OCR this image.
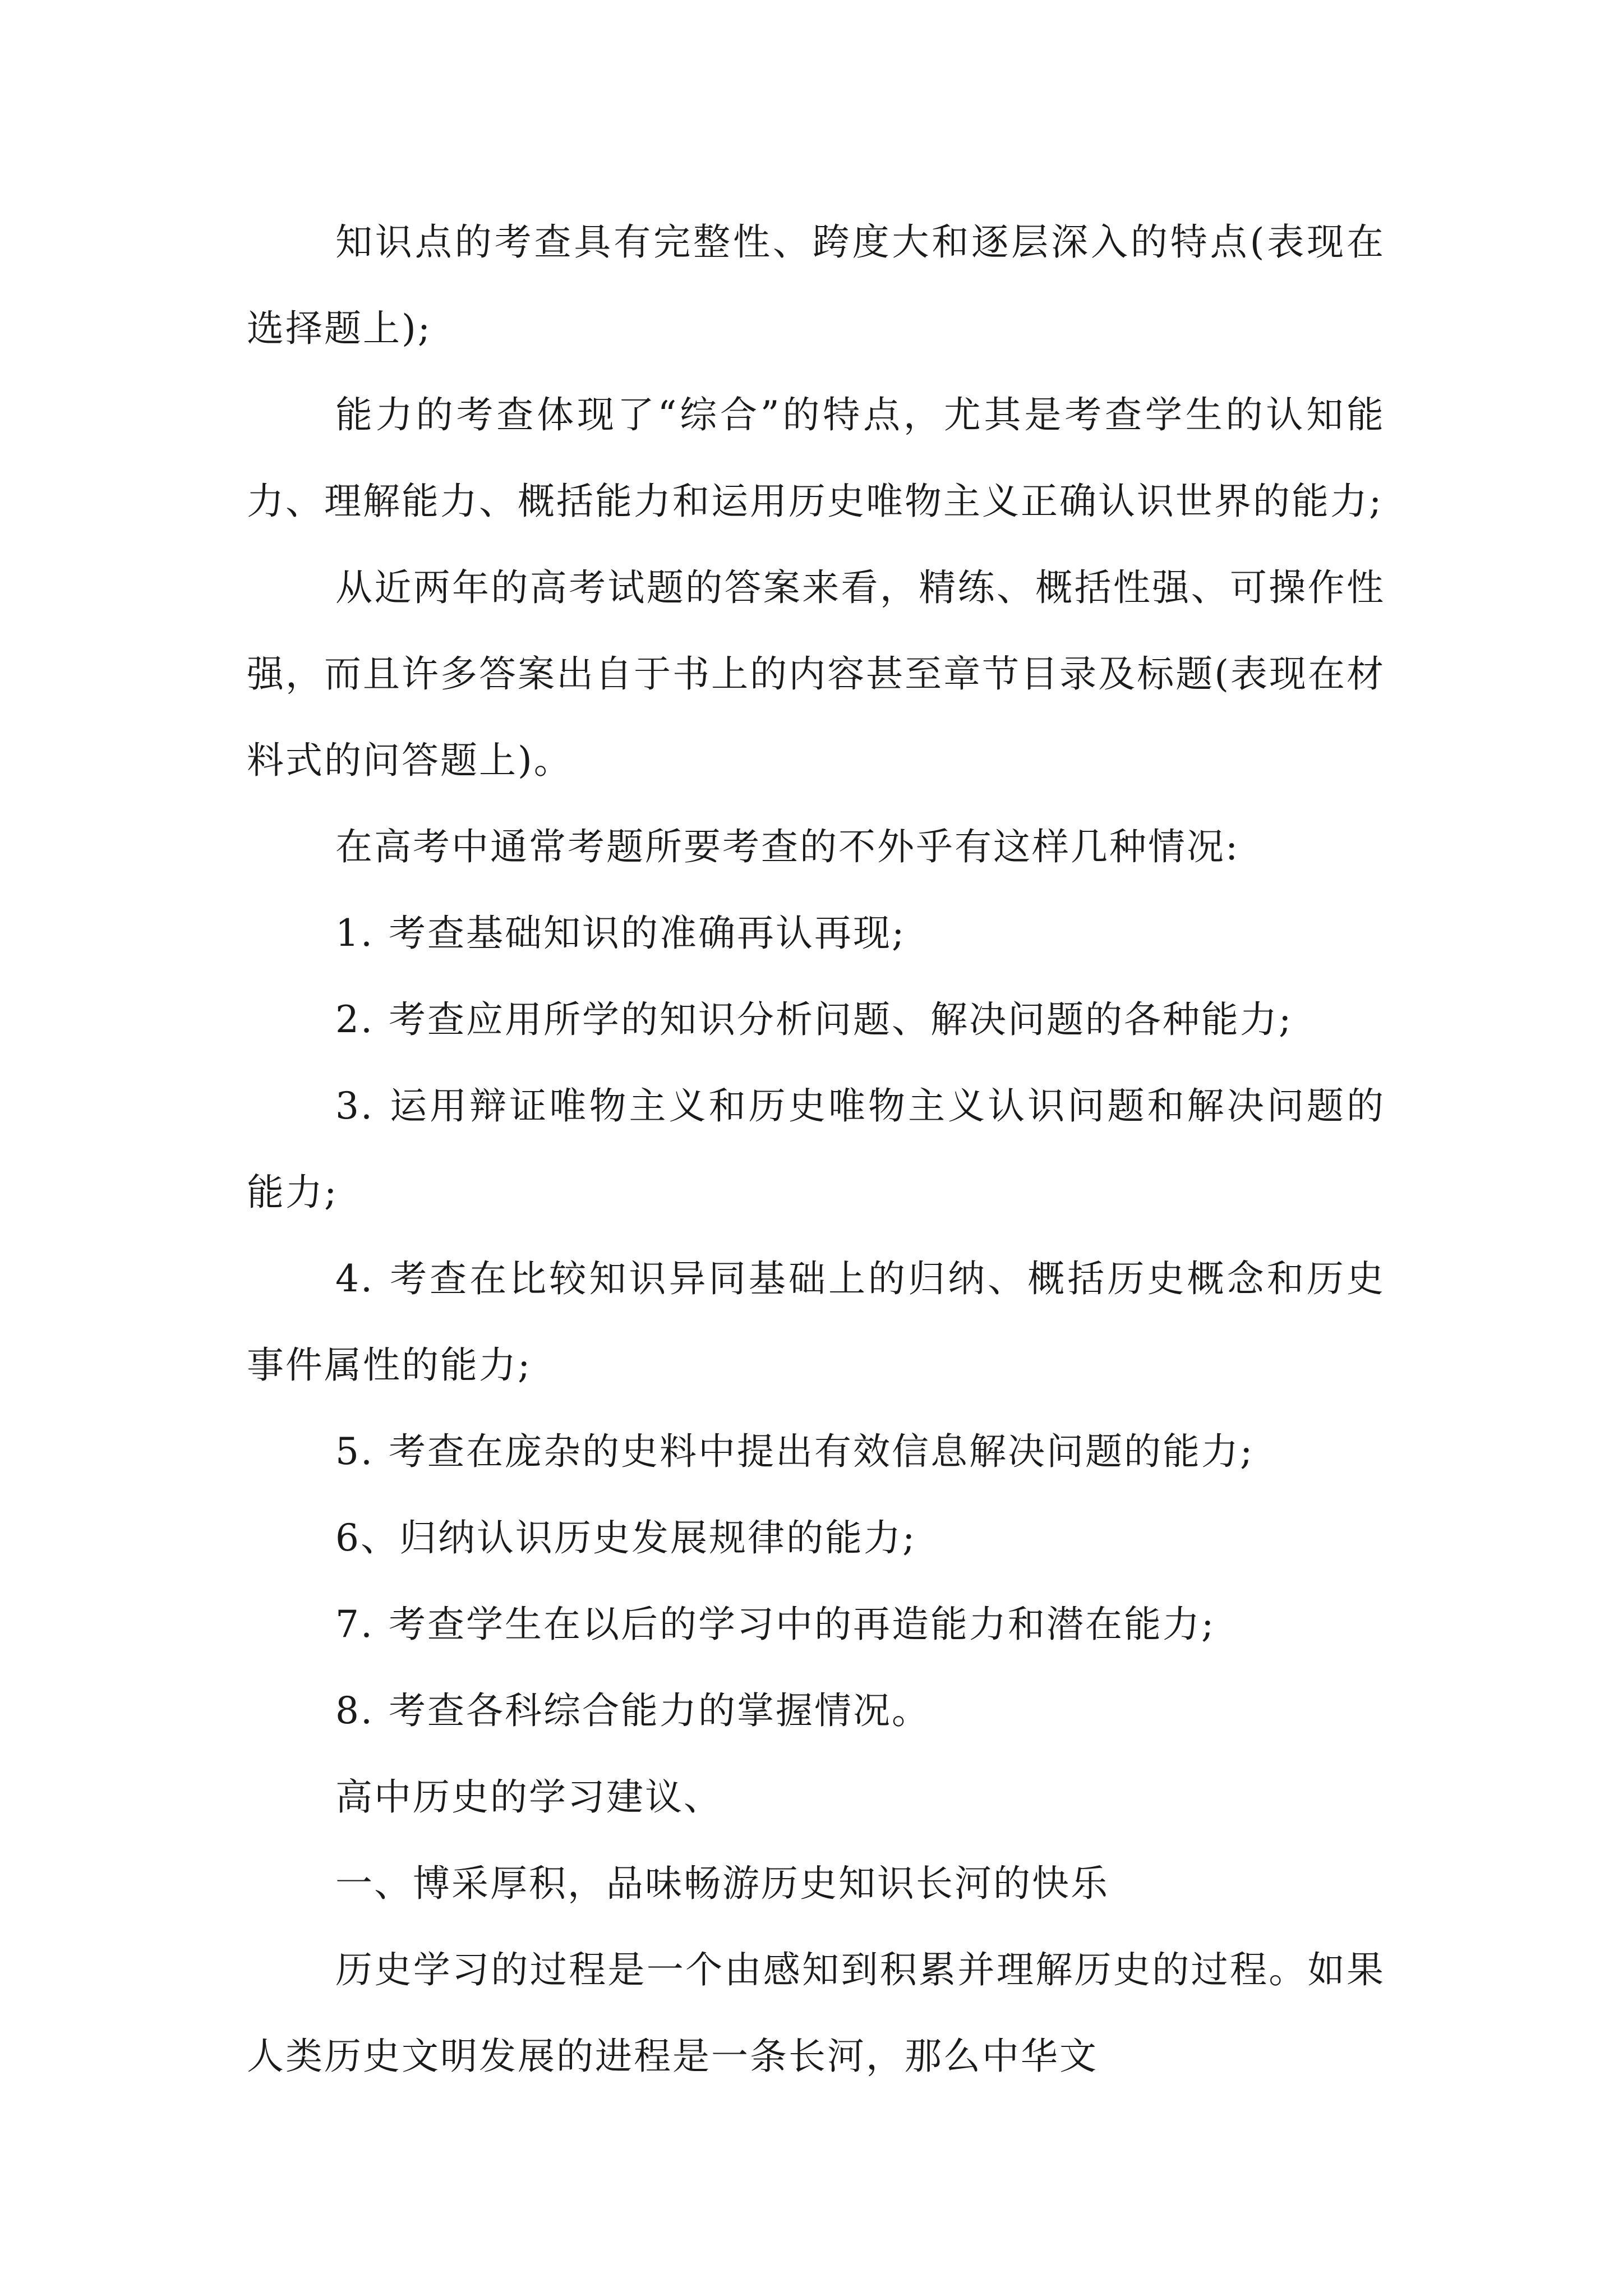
知识点的考查具有完整性、跨度大和逐层深入的特点(表现在选择题上);

能力的考查体现了“综合”的特点，尤其是考查学生的认知能力、理解能力、概括能力和运用历史唯物主义正确认识世界的能力;

从近两年的高考试题的答案来看，精练、概括性强、可操作性强，而且许多答案出自于书上的内容甚至章节目录及标题(表现在材料式的问答题上)。

在高考中通常考题所要考查的不外乎有这样几种情况:

1. 考查基础知识的准确再认再现;

2. 考查应用所学的知识分析问题、解决问题的各种能力;

3. 运用辩证唯物主义和历史唯物主义认识问题和解决问题的能力;

4. 考查在比较知识异同基础上的归纳、概括历史概念和历史事件属性的能力;

5. 考查在庞杂的史料中提出有效信息解决问题的能力;

6、归纳认识历史发展规律的能力;

7. 考查学生在以后的学习中的再造能力和潜在能力;

8. 考查各科综合能力的掌握情况。

高中历史的学习建议、

一、博采厚积，品味畅游历史知识长河的快乐

历史学习的过程是一个由感知到积累并理解历史的过程。如果人类历史文明发展的进程是一条长河，那么中华文
